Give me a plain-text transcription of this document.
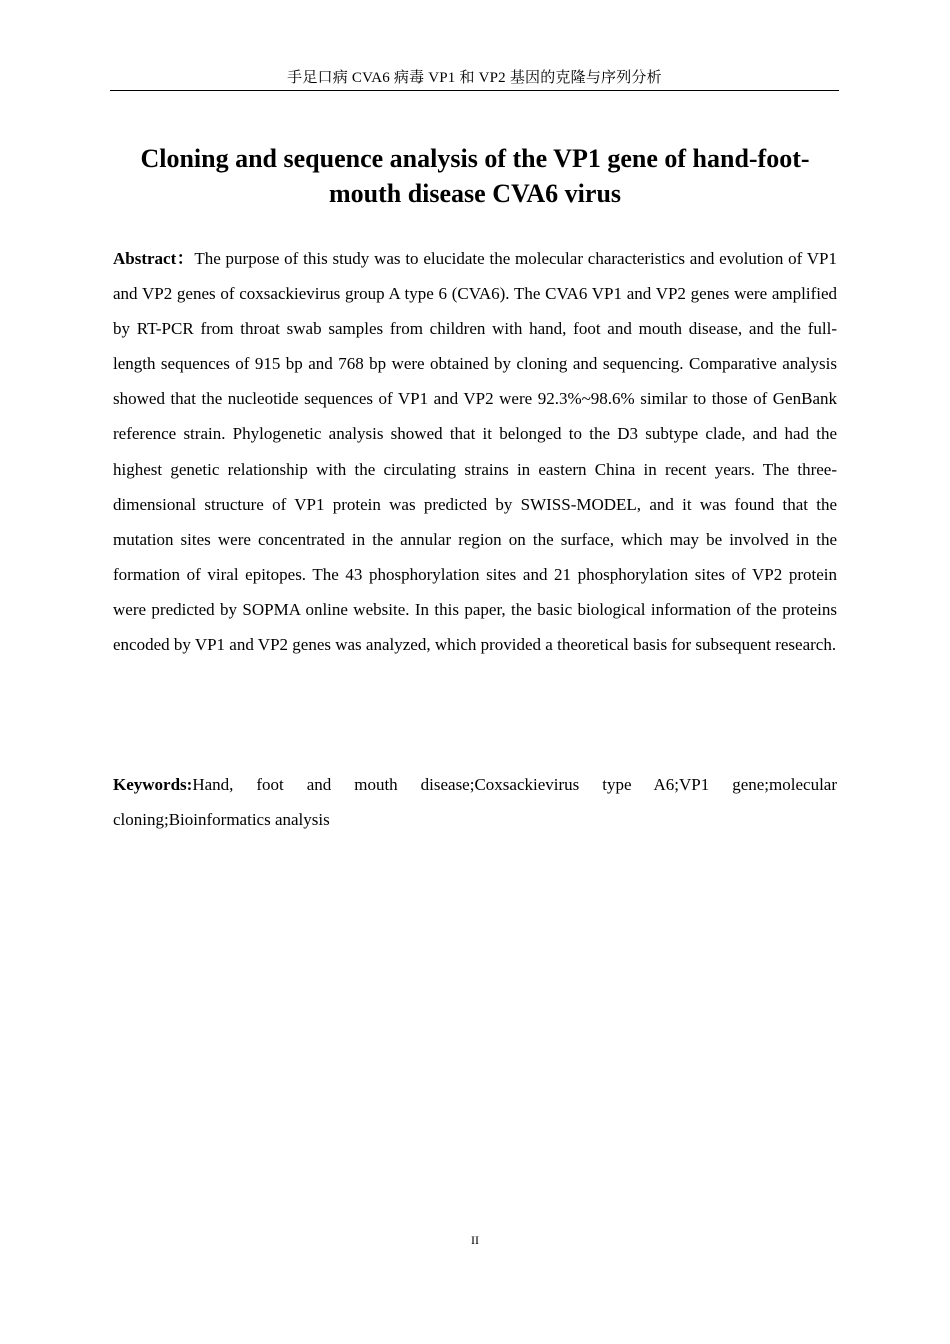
手足口病 CVA6 病毒 VP1 和 VP2 基因的克隆与序列分析
Cloning and sequence analysis of the VP1 gene of hand-foot-mouth disease CVA6 virus

Abstract：The purpose of this study was to elucidate the molecular characteristics and evolution of VP1 and VP2 genes of coxsackievirus group A type 6 (CVA6). The CVA6 VP1 and VP2 genes were amplified by RT-PCR from throat swab samples from children with hand, foot and mouth disease, and the full-length sequences of 915 bp and 768 bp were obtained by cloning and sequencing. Comparative analysis showed that the nucleotide sequences of VP1 and VP2 were 92.3%~98.6% similar to those of GenBank reference strain. Phylogenetic analysis showed that it belonged to the D3 subtype clade, and had the highest genetic relationship with the circulating strains in eastern China in recent years. The three-dimensional structure of VP1 protein was predicted by SWISS-MODEL, and it was found that the mutation sites were concentrated in the annular region on the surface, which may be involved in the formation of viral epitopes. The 43 phosphorylation sites and 21 phosphorylation sites of VP2 protein were predicted by SOPMA online website. In this paper, the basic biological information of the proteins encoded by VP1 and VP2 genes was analyzed, which provided a theoretical basis for subsequent research.

Keywords:Hand, foot and mouth disease;Coxsackievirus type A6;VP1 gene;molecular cloning;Bioinformatics analysis

II
